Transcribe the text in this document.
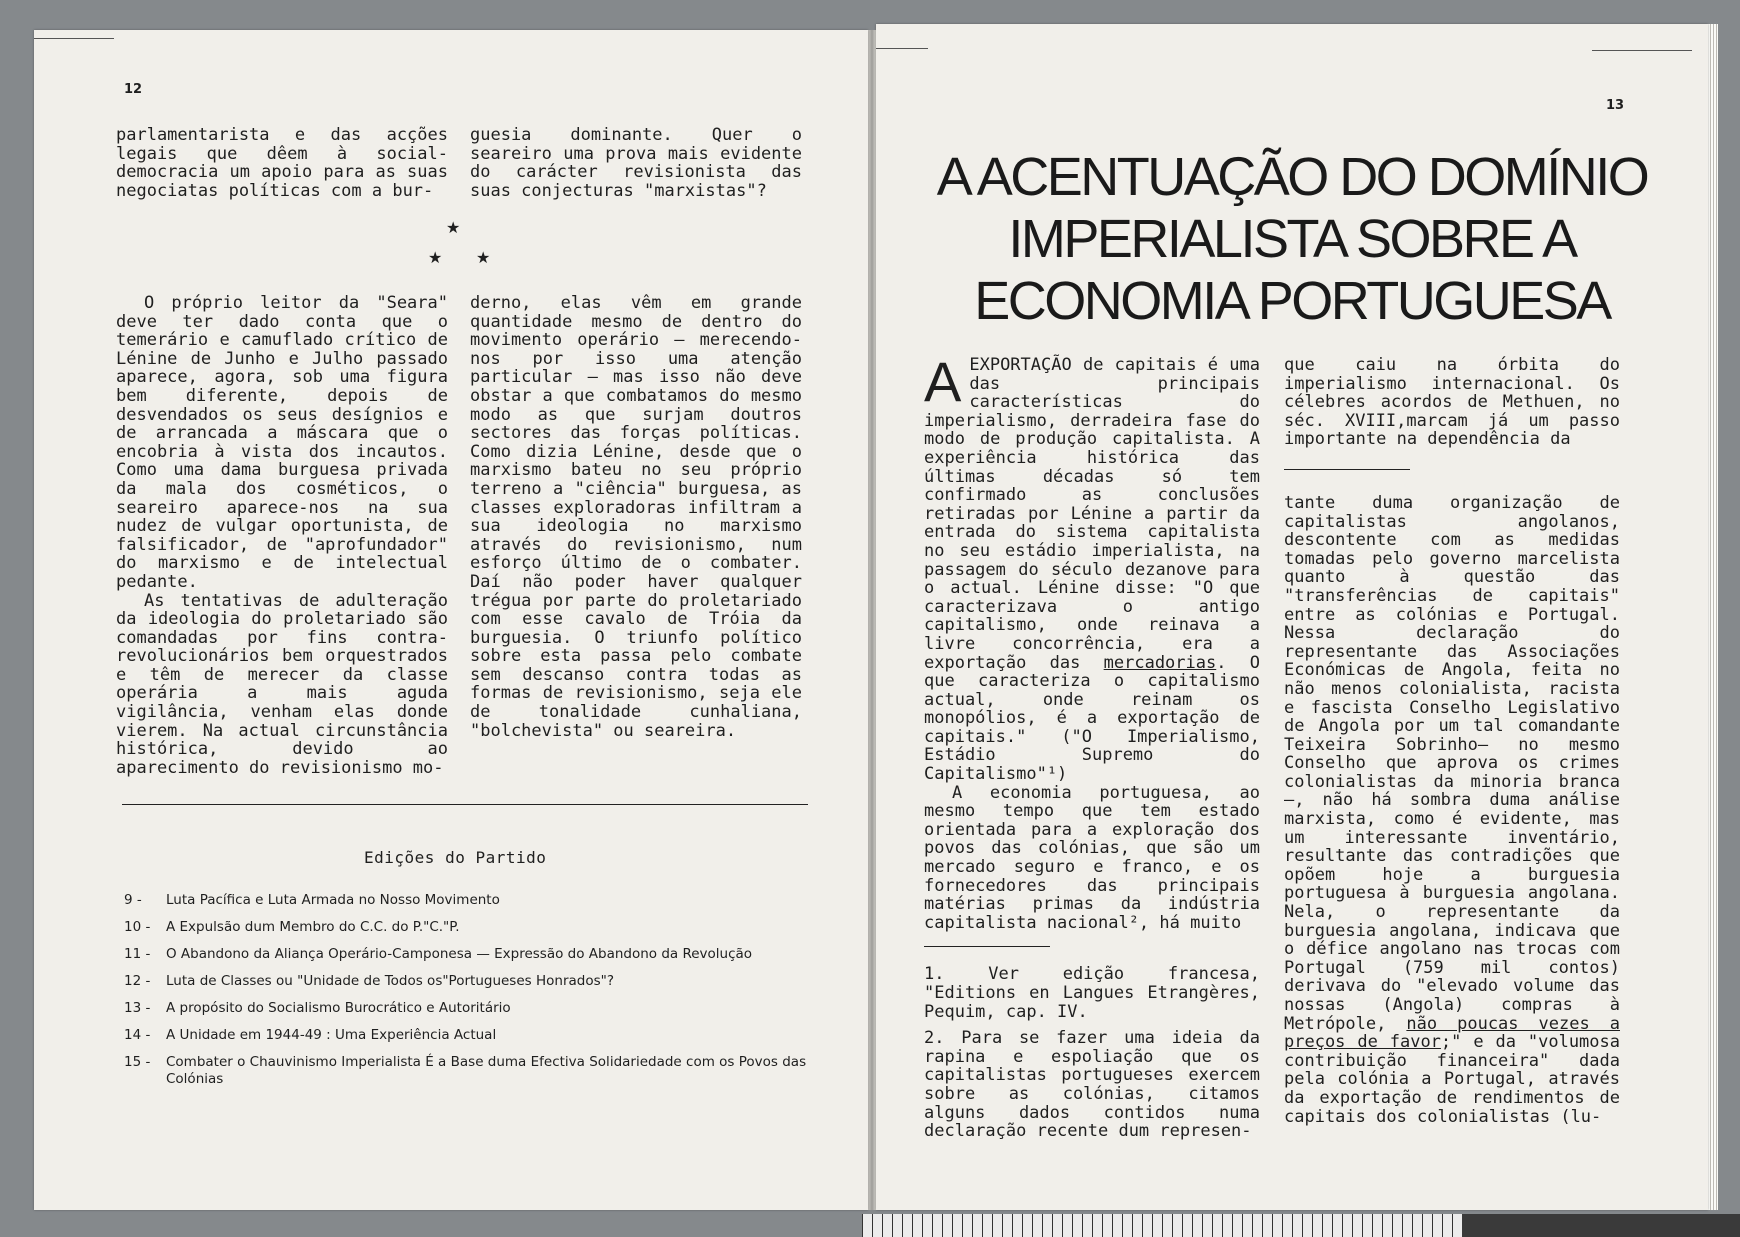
12

parlamentarista e das acções legais que dêem à social-democracia um apoio para as suas negociatas políticas com a bur-

guesia dominante. Quer o seareiro uma prova mais evidente do carácter revisionista das suas conjecturas "marxistas"?

★
★ ★

O próprio leitor da "Seara" deve ter dado conta que o temerário e camuflado crítico de Lénine de Junho e Julho passado aparece, agora, sob uma figura bem diferente, depois de desvendados os seus desígnios e de arrancada a máscara que o encobria à vista dos incautos. Como uma dama burguesa privada da mala dos cosméticos, o seareiro aparece-nos na sua nudez de vulgar oportunista, de falsificador, de "aprofundador" do marxismo e de intelectual pedante.

As tentativas de adulteração da ideologia do proletariado são comandadas por fins contra-revolucionários bem orquestrados e têm de merecer da classe operária a mais aguda vigilância, venham elas donde vierem. Na actual circunstância histórica, devido ao aparecimento do revisionismo mo-

derno, elas vêm em grande quantidade mesmo de dentro do movimento operário — merecendo-nos por isso uma atenção particular — mas isso não deve obstar a que combatamos do mesmo modo as que surjam doutros sectores das forças políticas. Como dizia Lénine, desde que o marxismo bateu no seu próprio terreno a "ciência" burguesa, as classes exploradoras infiltram a sua ideologia no marxismo através do revisionismo, num esforço último de o combater. Daí não poder haver qualquer trégua por parte do proletariado com esse cavalo de Tróia da burguesia. O triunfo político sobre esta passa pelo combate sem descanso contra todas as formas de revisionismo, seja ele de tonalidade cunhaliana, "bolchevista" ou seareira.

Edições do Partido
9 - Luta Pacífica e Luta Armada no Nosso Movimento
10 - A Expulsão dum Membro do C.C. do P."C."P.
11 - O Abandono da Aliança Operário-Camponesa — Expressão do Abandono da Revolução
12 - Luta de Classes ou "Unidade de Todos os"Portugueses Honrados"?
13 - A propósito do Socialismo Burocrático e Autoritário
14 - A Unidade em 1944-49 : Uma Experiência Actual
15 - Combater o Chauvinismo Imperialista É a Base duma Efectiva Solidariedade com os Povos das Colónias
13
A ACENTUAÇÃO DO DOMÍNIO
IMPERIALISTA SOBRE A
ECONOMIA PORTUGUESA

AEXPORTAÇÃO de capitais é uma das principais características do imperialismo, derradeira fase do modo de produção capitalista. A experiência histórica das últimas décadas só tem confirmado as conclusões retiradas por Lénine a partir da entrada do sistema capitalista no seu estádio imperialista, na passagem do século dezanove para o actual. Lénine disse: "O que caracterizava o antigo capitalismo, onde reinava a livre concorrência, era a exportação das mercadorias. O que caracteriza o capitalismo actual, onde reinam os monopólios, é a exportação de capitais." ("O Imperialismo, Estádio Supremo do Capitalismo"¹)

A economia portuguesa, ao mesmo tempo que tem estado orientada para a exploração dos povos das colónias, que são um mercado seguro e franco, e os fornecedores das principais matérias primas da indústria capitalista nacional², há muito

1. Ver edição francesa, "Editions en Langues Etrangères, Pequim, cap. IV.

2. Para se fazer uma ideia da rapina e espoliação que os capitalistas portugueses exercem sobre as colónias, citamos alguns dados contidos numa declaração recente dum represen-

que caiu na órbita do imperialismo internacional. Os célebres acordos de Methuen, no séc. XVIII,marcam já um passo importante na dependência da

tante duma organização de capitalistas angolanos, descontente com as medidas tomadas pelo governo marcelista quanto à questão das "transferências de capitais" entre as colónias e Portugal. Nessa declaração do representante das Associações Económicas de Angola, feita no não menos colonialista, racista e fascista Conselho Legislativo de Angola por um tal comandante Teixeira Sobrinho— no mesmo Conselho que aprova os crimes colonialistas da minoria branca —, não há sombra duma análise marxista, como é evidente, mas um interessante inventário, resultante das contradições que opõem hoje a burguesia portuguesa à burguesia angolana. Nela, o representante da burguesia angolana, indicava que o défice angolano nas trocas com Portugal (759 mil contos) derivava do "elevado volume das nossas (Angola) compras à Metrópole, não poucas vezes a preços de favor;" e da "volumosa contribuição financeira" dada pela colónia a Portugal, através da exportação de rendimentos de capitais dos colonialistas (lu-
